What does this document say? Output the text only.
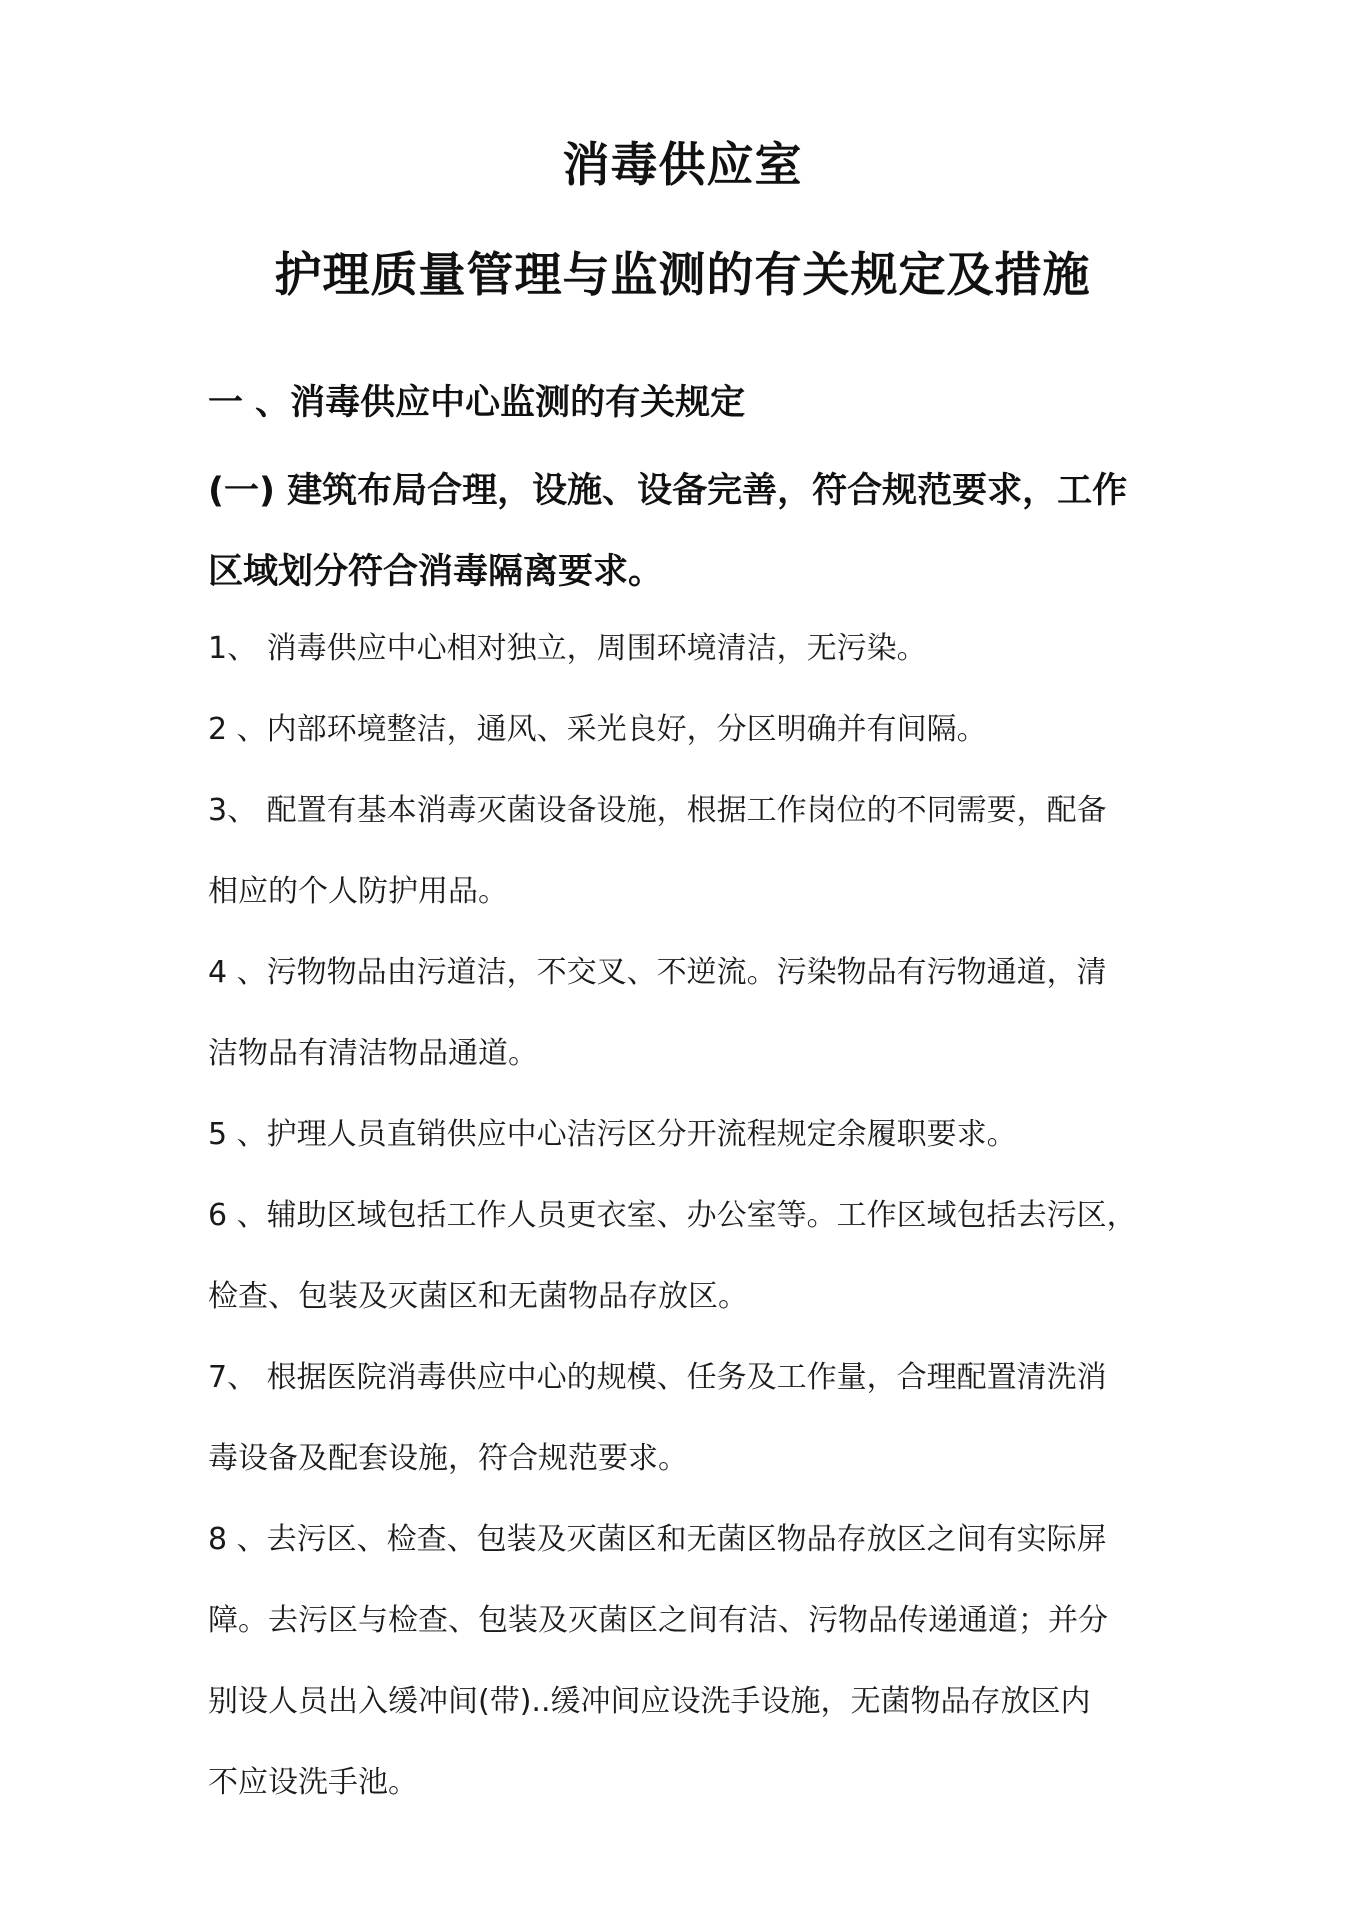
消毒供应室
护理质量管理与监测的有关规定及措施
一 、消毒供应中心监测的有关规定
(一) 建筑布局合理，设施、设备完善，符合规范要求，工作
区域划分符合消毒隔离要求。
1、 消毒供应中心相对独立，周围环境清洁，无污染。
2 、内部环境整洁，通风、采光良好，分区明确并有间隔。
3、 配置有基本消毒灭菌设备设施，根据工作岗位的不同需要，配备
相应的个人防护用品。
4 、污物物品由污道洁，不交叉、不逆流。污染物品有污物通道，清
洁物品有清洁物品通道。
5 、护理人员直销供应中心洁污区分开流程规定余履职要求。
6 、辅助区域包括工作人员更衣室、办公室等。工作区域包括去污区，
检查、包装及灭菌区和无菌物品存放区。
7、 根据医院消毒供应中心的规模、任务及工作量，合理配置清洗消
毒设备及配套设施，符合规范要求。
8 、去污区、检查、包装及灭菌区和无菌区物品存放区之间有实际屏
障。去污区与检查、包装及灭菌区之间有洁、污物品传递通道；并分
别设人员出入缓冲间(带)..缓冲间应设洗手设施，无菌物品存放区内
不应设洗手池。
